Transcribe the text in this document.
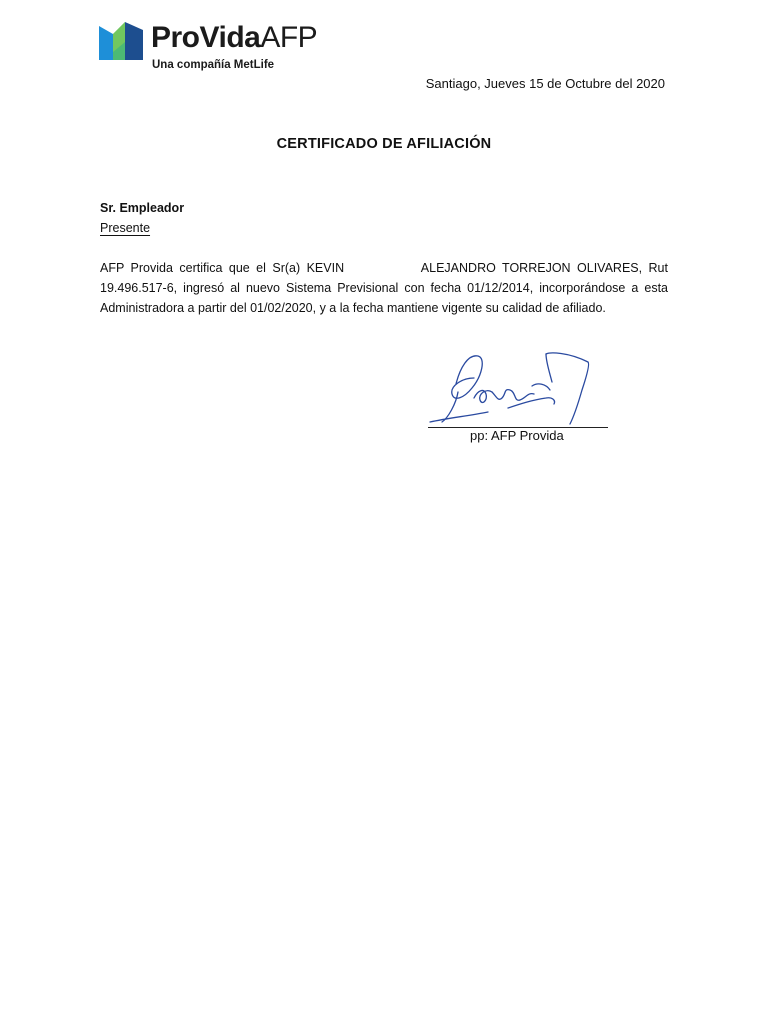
ProVidaAFP
Una compañía MetLife
Santiago, Jueves 15 de Octubre del 2020
CERTIFICADO DE AFILIACIÓN
Sr. Empleador
Presente
AFP Provida certifica que el Sr(a) KEVIN            ALEJANDRO TORREJON OLIVARES, Rut
19.496.517-6, ingresó al nuevo Sistema Previsional con fecha 01/12/2014, incorporándose a esta
Administradora a partir del 01/02/2020, y a la fecha mantiene vigente su calidad de afiliado.
pp: AFP Provida
